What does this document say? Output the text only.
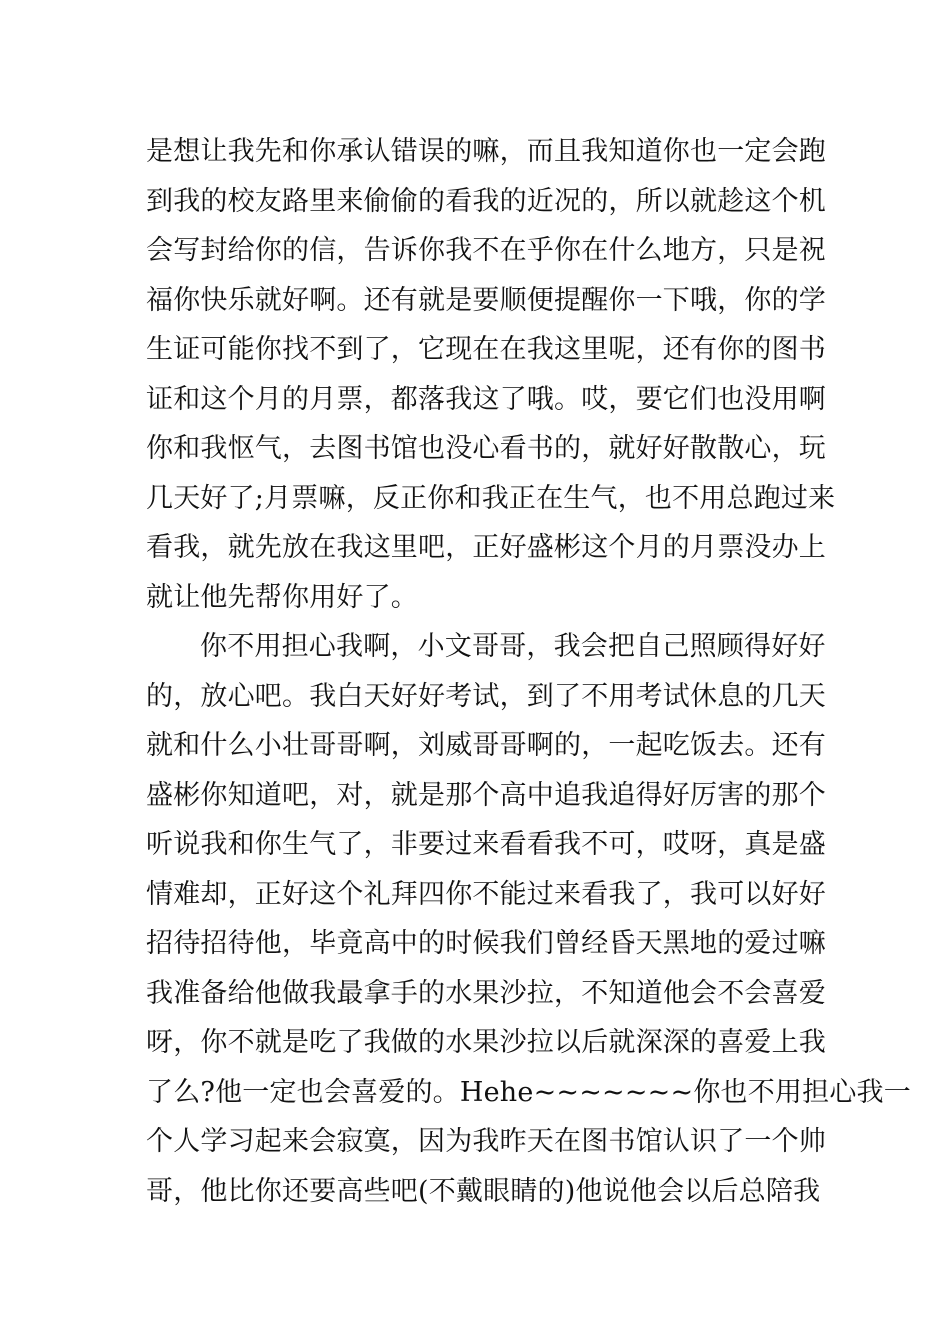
是想让我先和你承认错误的嘛，而且我知道你也一定会跑
到我的校友路里来偷偷的看我的近况的，所以就趁这个机
会写封给你的信，告诉你我不在乎你在什么地方，只是祝
福你快乐就好啊。还有就是要顺便提醒你一下哦，你的学
生证可能你找不到了，它现在在我这里呢，还有你的图书
证和这个月的月票，都落我这了哦。哎，要它们也没用啊
你和我怄气，去图书馆也没心看书的，就好好散散心，玩
几天好了;月票嘛，反正你和我正在生气，也不用总跑过来
看我，就先放在我这里吧，正好盛彬这个月的月票没办上
就让他先帮你用好了。
你不用担心我啊，小文哥哥，我会把自己照顾得好好
的，放心吧。我白天好好考试，到了不用考试休息的几天
就和什么小壮哥哥啊，刘威哥哥啊的，一起吃饭去。还有
盛彬你知道吧，对，就是那个高中追我追得好厉害的那个
听说我和你生气了，非要过来看看我不可，哎呀，真是盛
情难却，正好这个礼拜四你不能过来看我了，我可以好好
招待招待他，毕竟高中的时候我们曾经昏天黑地的爱过嘛
我准备给他做我最拿手的水果沙拉，不知道他会不会喜爱
呀，你不就是吃了我做的水果沙拉以后就深深的喜爱上我
了么?他一定也会喜爱的。Hehe~~~~~~~你也不用担心我一
个人学习起来会寂寞，因为我昨天在图书馆认识了一个帅
哥，他比你还要高些吧(不戴眼睛的)他说他会以后总陪我
